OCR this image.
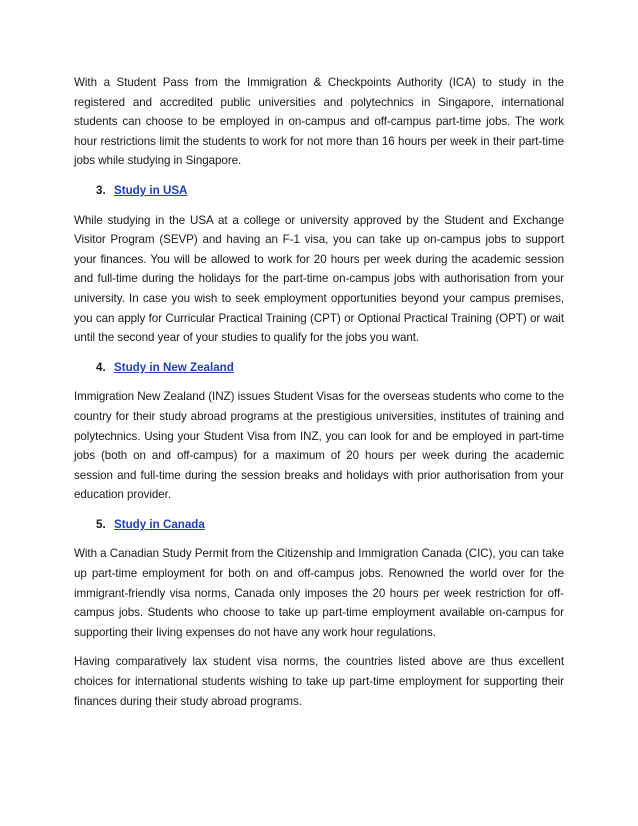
With a Student Pass from the Immigration & Checkpoints Authority (ICA) to study in the registered and accredited public universities and polytechnics in Singapore, international students can choose to be employed in on-campus and off-campus part-time jobs. The work hour restrictions limit the students to work for not more than 16 hours per week in their part-time jobs while studying in Singapore.

3. Study in USA

While studying in the USA at a college or university approved by the Student and Exchange Visitor Program (SEVP) and having an F-1 visa, you can take up on-campus jobs to support your finances. You will be allowed to work for 20 hours per week during the academic session and full-time during the holidays for the part-time on-campus jobs with authorisation from your university. In case you wish to seek employment opportunities beyond your campus premises, you can apply for Curricular Practical Training (CPT) or Optional Practical Training (OPT) or wait until the second year of your studies to qualify for the jobs you want.

4. Study in New Zealand

Immigration New Zealand (INZ) issues Student Visas for the overseas students who come to the country for their study abroad programs at the prestigious universities, institutes of training and polytechnics. Using your Student Visa from INZ, you can look for and be employed in part-time jobs (both on and off-campus) for a maximum of 20 hours per week during the academic session and full-time during the session breaks and holidays with prior authorisation from your education provider.

5. Study in Canada

With a Canadian Study Permit from the Citizenship and Immigration Canada (CIC), you can take up part-time employment for both on and off-campus jobs. Renowned the world over for the immigrant-friendly visa norms, Canada only imposes the 20 hours per week restriction for off-campus jobs. Students who choose to take up part-time employment available on-campus for supporting their living expenses do not have any work hour regulations.

Having comparatively lax student visa norms, the countries listed above are thus excellent choices for international students wishing to take up part-time employment for supporting their finances during their study abroad programs.
